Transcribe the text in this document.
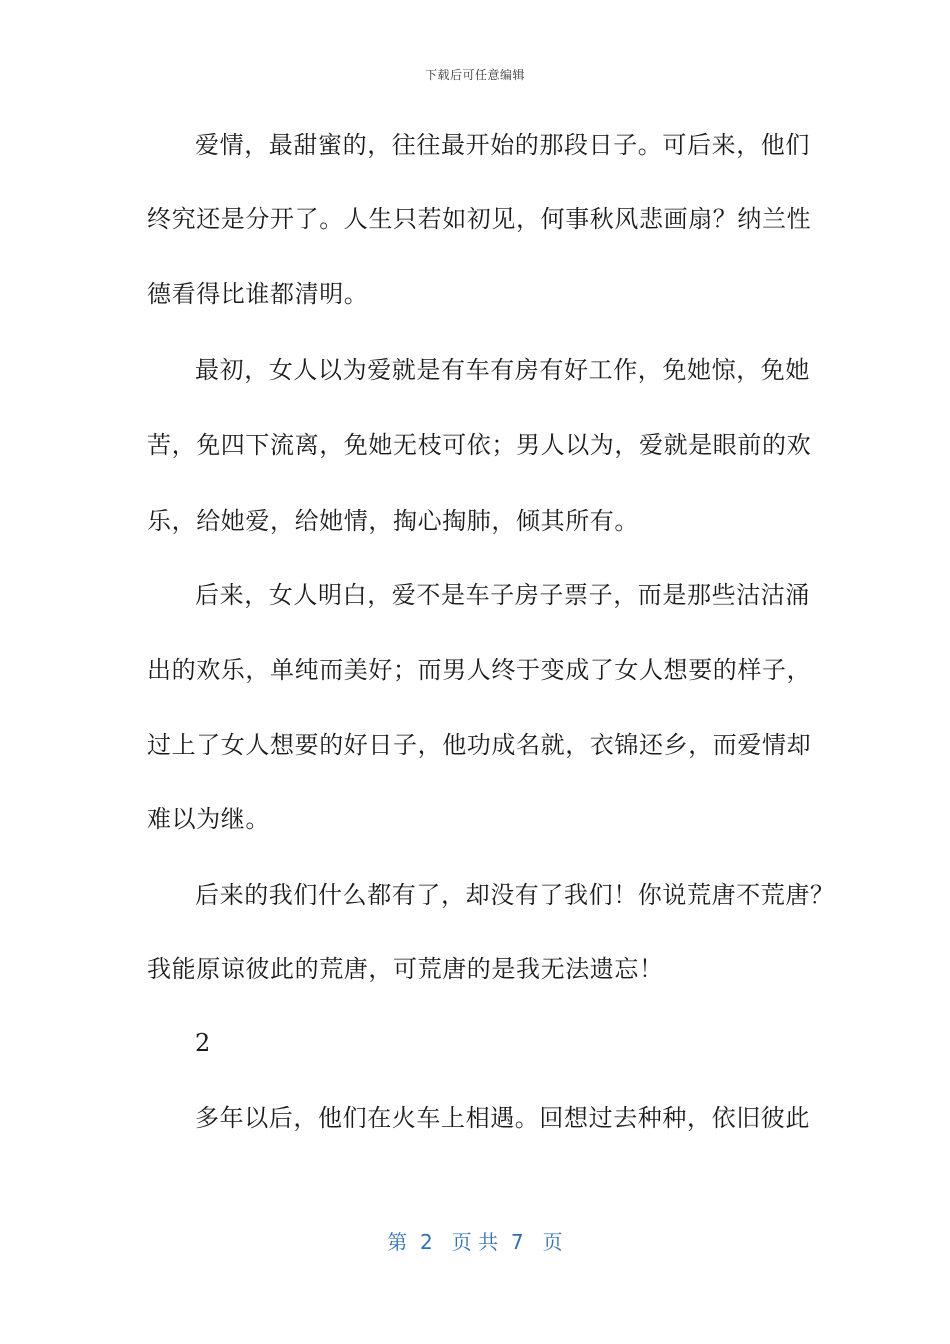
下载后可任意编辑
爱情，最甜蜜的，往往最开始的那段日子。可后来，他们
终究还是分开了。人生只若如初见，何事秋风悲画扇？纳兰性
德看得比谁都清明。
最初，女人以为爱就是有车有房有好工作，免她惊，免她
苦，免四下流离，免她无枝可依；男人以为，爱就是眼前的欢
乐，给她爱，给她情，掏心掏肺，倾其所有。
后来，女人明白，爱不是车子房子票子，而是那些沽沽涌
出的欢乐，单纯而美好；而男人终于变成了女人想要的样子，
过上了女人想要的好日子，他功成名就，衣锦还乡，而爱情却
难以为继。
后来的我们什么都有了，却没有了我们！你说荒唐不荒唐？
我能原谅彼此的荒唐，可荒唐的是我无法遗忘！
2
多年以后，他们在火车上相遇。回想过去种种，依旧彼此
第  2   页 共  7   页
